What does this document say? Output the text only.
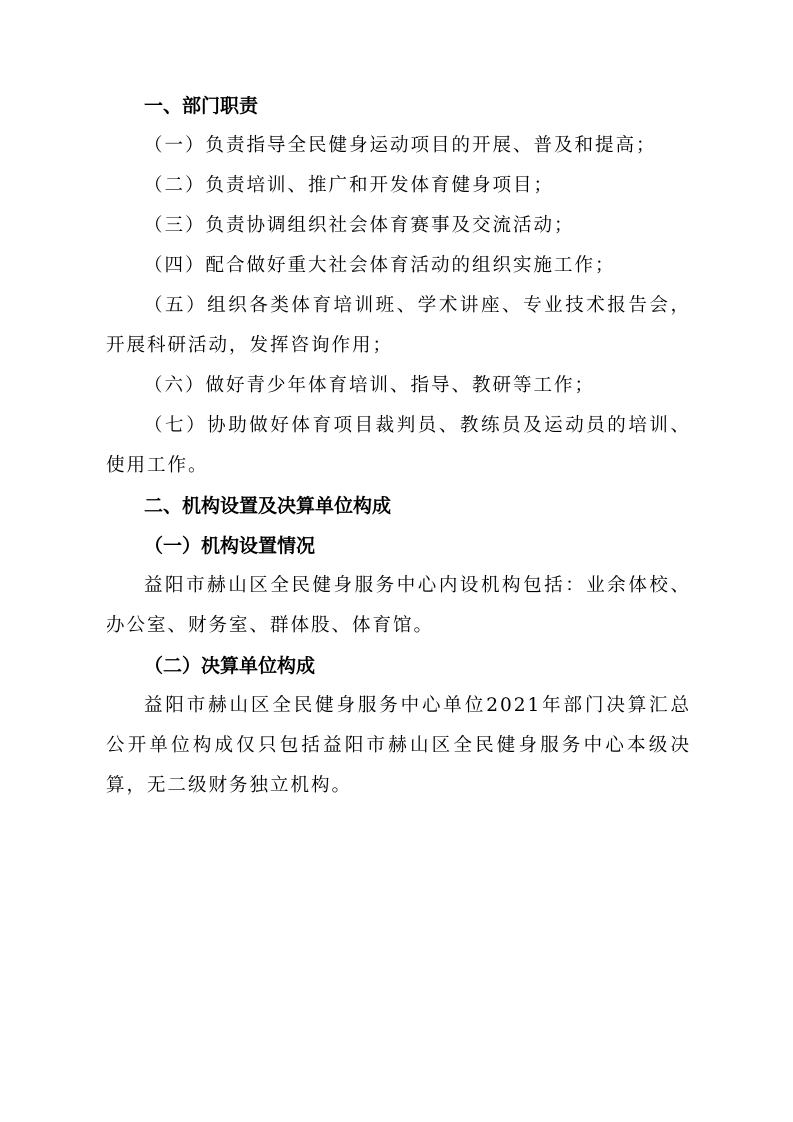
一、部门职责

（一）负责指导全民健身运动项目的开展、普及和提高；

（二）负责培训、推广和开发体育健身项目；

（三）负责协调组织社会体育赛事及交流活动；

（四）配合做好重大社会体育活动的组织实施工作；

（五）组织各类体育培训班、学术讲座、专业技术报告会，开展科研活动，发挥咨询作用；

（六）做好青少年体育培训、指导、教研等工作；

（七）协助做好体育项目裁判员、教练员及运动员的培训、使用工作。

二、机构设置及决算单位构成

（一）机构设置情况

益阳市赫山区全民健身服务中心内设机构包括：业余体校、办公室、财务室、群体股、体育馆。

（二）决算单位构成

益阳市赫山区全民健身服务中心单位2021年部门决算汇总公开单位构成仅只包括益阳市赫山区全民健身服务中心本级决算，无二级财务独立机构。
